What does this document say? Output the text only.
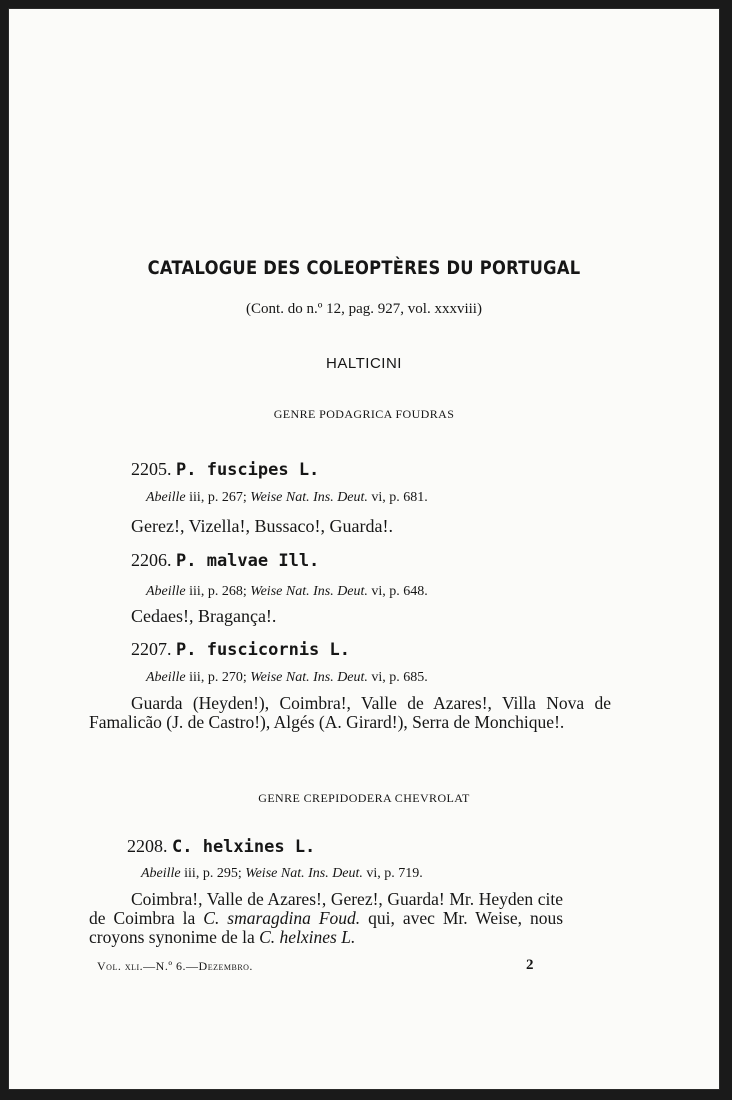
CATALOGUE DES COLEOPTÈRES DU PORTUGAL
(Cont. do n.º 12, pag. 927, vol. xxxviii)
HALTICINI
GENRE PODAGRICA FOUDRAS
2205. P. fuscipes L.
Abeille iii, p. 267; Weise Nat. Ins. Deut. vi, p. 681.
Gerez!, Vizella!, Bussaco!, Guarda!.
2206. P. malvae Ill.
Abeille iii, p. 268; Weise Nat. Ins. Deut. vi, p. 648.
Cedaes!, Bragança!.
2207. P. fuscicornis L.
Abeille iii, p. 270; Weise Nat. Ins. Deut. vi, p. 685.
Guarda (Heyden!), Coimbra!, Valle de Azares!, Villa Nova de Famalicão (J. de Castro!), Algés (A. Girard!), Serra de Monchique!.
GENRE CREPIDODERA CHEVROLAT
2208. C. helxines L.
Abeille iii, p. 295; Weise Nat. Ins. Deut. vi, p. 719.
Coimbra!, Valle de Azares!, Gerez!, Guarda! Mr. Heyden cite de Coimbra la C. smaragdina Foud. qui, avec Mr. Weise, nous croyons synonime de la C. helxines L.
Vol. xli.—N.º 6.—Dezembro.	2
